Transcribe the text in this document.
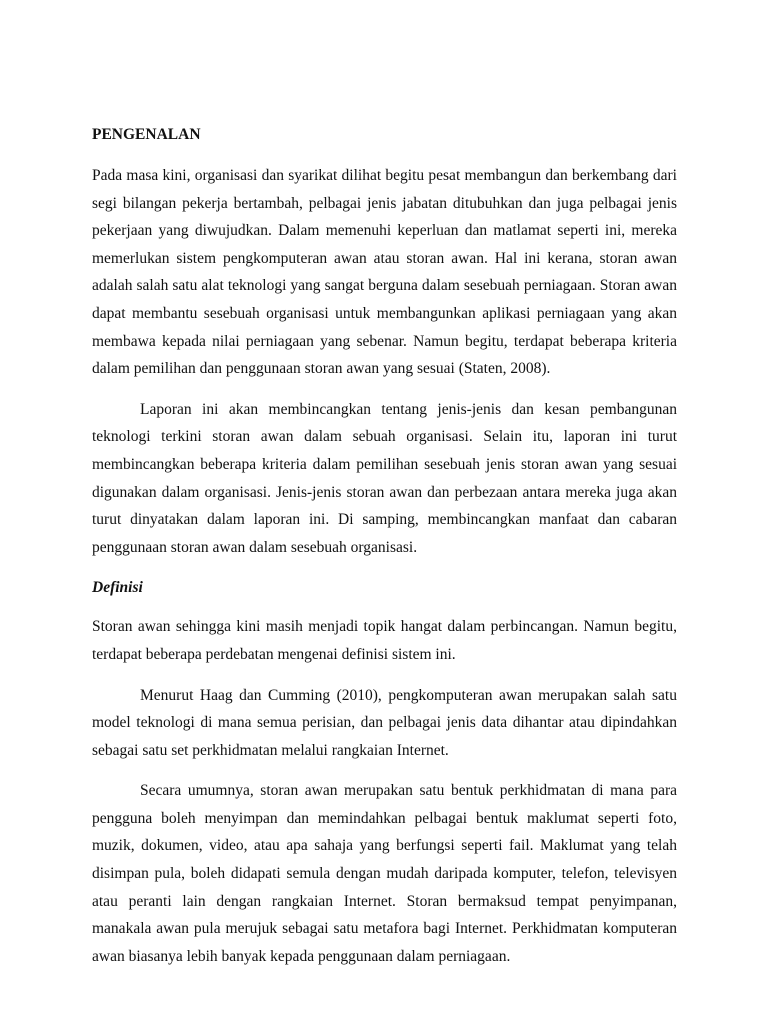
PENGENALAN

Pada masa kini, organisasi dan syarikat dilihat begitu pesat membangun dan berkembang dari segi bilangan pekerja bertambah, pelbagai jenis jabatan ditubuhkan dan juga pelbagai jenis pekerjaan yang diwujudkan. Dalam memenuhi keperluan dan matlamat seperti ini, mereka memerlukan sistem pengkomputeran awan atau storan awan. Hal ini kerana, storan awan adalah salah satu alat teknologi yang sangat berguna dalam sesebuah perniagaan. Storan awan dapat membantu sesebuah organisasi untuk membangunkan aplikasi perniagaan yang akan membawa kepada nilai perniagaan yang sebenar. Namun begitu, terdapat beberapa kriteria dalam pemilihan dan penggunaan storan awan yang sesuai (Staten, 2008).

Laporan ini akan membincangkan tentang jenis-jenis dan kesan pembangunan teknologi terkini storan awan dalam sebuah organisasi. Selain itu, laporan ini turut membincangkan beberapa kriteria dalam pemilihan sesebuah jenis storan awan yang sesuai digunakan dalam organisasi. Jenis-jenis storan awan dan perbezaan antara mereka juga akan turut dinyatakan dalam laporan ini. Di samping, membincangkan manfaat dan cabaran penggunaan storan awan dalam sesebuah organisasi.

Definisi

Storan awan sehingga kini masih menjadi topik hangat dalam perbincangan. Namun begitu, terdapat beberapa perdebatan mengenai definisi sistem ini.

Menurut Haag dan Cumming (2010), pengkomputeran awan merupakan salah satu model teknologi di mana semua perisian, dan pelbagai jenis data dihantar atau dipindahkan sebagai satu set perkhidmatan melalui rangkaian Internet.

Secara umumnya, storan awan merupakan satu bentuk perkhidmatan di mana para pengguna boleh menyimpan dan memindahkan pelbagai bentuk maklumat seperti foto, muzik, dokumen, video, atau apa sahaja yang berfungsi seperti fail. Maklumat yang telah disimpan pula, boleh didapati semula dengan mudah daripada komputer, telefon, televisyen atau peranti lain dengan rangkaian Internet. Storan bermaksud tempat penyimpanan, manakala awan pula merujuk sebagai satu metafora bagi Internet. Perkhidmatan komputeran awan biasanya lebih banyak kepada penggunaan dalam perniagaan.
